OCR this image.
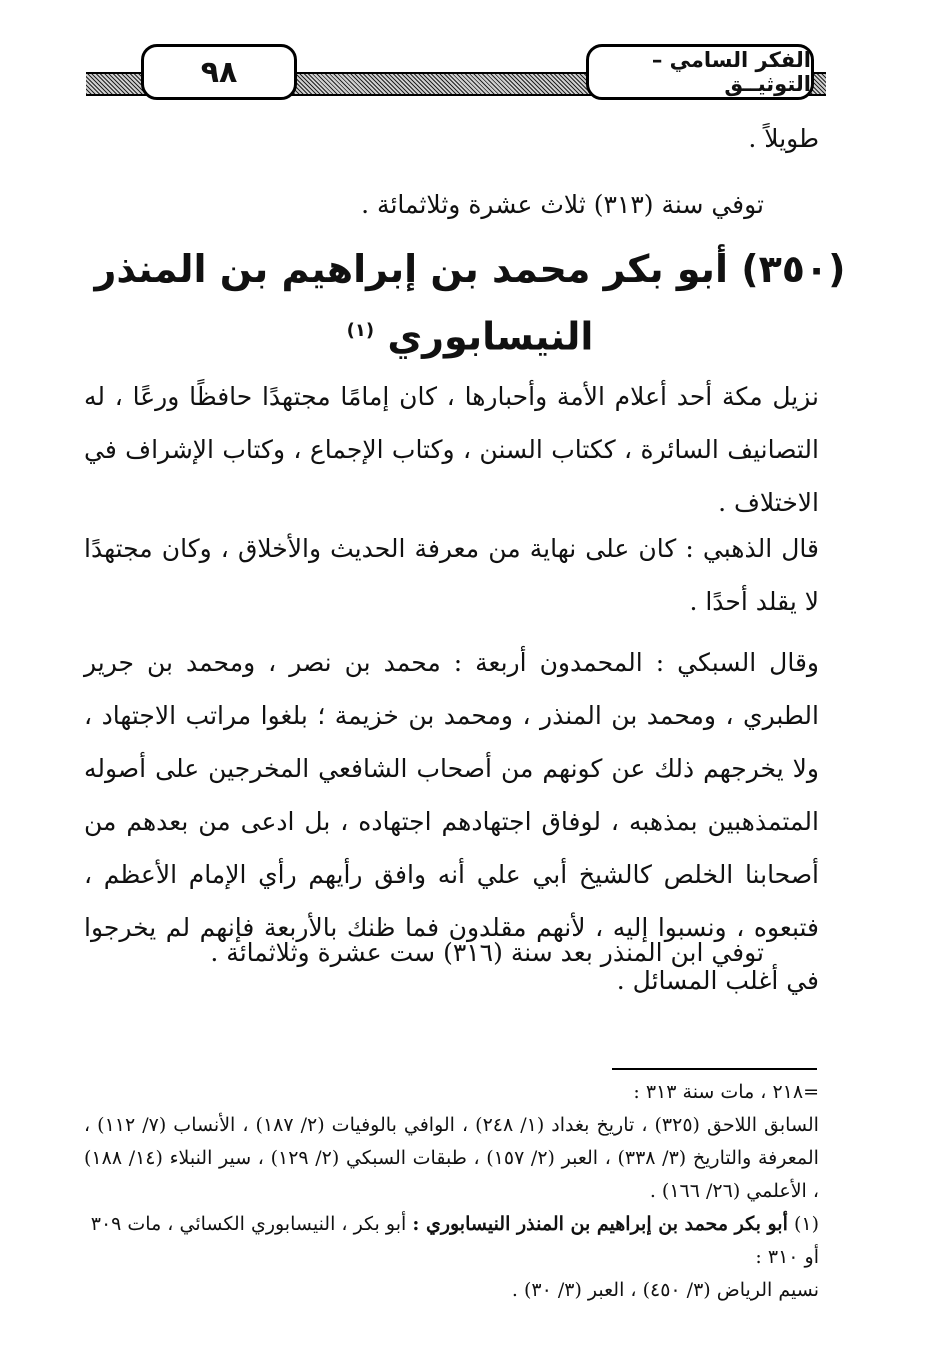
٩٨	الفكر السامي – التوثيــق
طويلاً .
توفي سنة (٣١٣) ثلاث عشرة وثلاثمائة .
(٣٥٠) أبو بكر محمد بن إبراهيم بن المنذر
النيسابوري $^{(١)}$
نزيل مكة أحد أعلام الأمة وأحبارها ، كان إمامًا مجتهدًا حافظًا ورعًا ، له التصانيف السائرة ، ككتاب السنن ، وكتاب الإجماع ، وكتاب الإشراف في الاختلاف .
قال الذهبي : كان على نهاية من معرفة الحديث والأخلاق ، وكان مجتهدًا لا يقلد أحدًا .
وقال السبكي : المحمدون أربعة : محمد بن نصر ، ومحمد بن جرير الطبري ، ومحمد بن المنذر ، ومحمد بن خزيمة ؛ بلغوا مراتب الاجتهاد ، ولا يخرجهم ذلك عن كونهم من أصحاب الشافعي المخرجين على أصوله المتمذهبين بمذهبه ، لوفاق اجتهادهم اجتهاده ، بل ادعى من بعدهم من أصحابنا الخلص كالشيخ أبي علي أنه وافق رأيهم رأي الإمام الأعظم ، فتبعوه ، ونسبوا إليه ، لأنهم مقلدون فما ظنك بالأربعة فإنهم لم يخرجوا في أغلب المسائل .
توفي ابن المنذر بعد سنة (٣١٦) ست عشرة وثلاثمائة .
=٢١٨ ، مات سنة ٣١٣ :
السابق اللاحق (٣٢٥) ، تاريخ بغداد (١/ ٢٤٨) ، الوافي بالوفيات (٢/ ١٨٧) ، الأنساب (٧/ ١١٢) ، المعرفة والتاريخ (٣/ ٣٣٨) ، العبر (٢/ ١٥٧) ، طبقات السبكي (٢/ ١٢٩) ، سير النبلاء (١٤/ ١٨٨) ، الأعلمي (٢٦/ ١٦٦) .
(١) أبو بكر محمد بن إبراهيم بن المنذر النيسابوري : أبو بكر ، النيسابوري الكسائي ، مات ٣٠٩ أو ٣١٠ :
نسيم الرياض (٣/ ٤٥٠) ، العبر (٣/ ٣٠) .
